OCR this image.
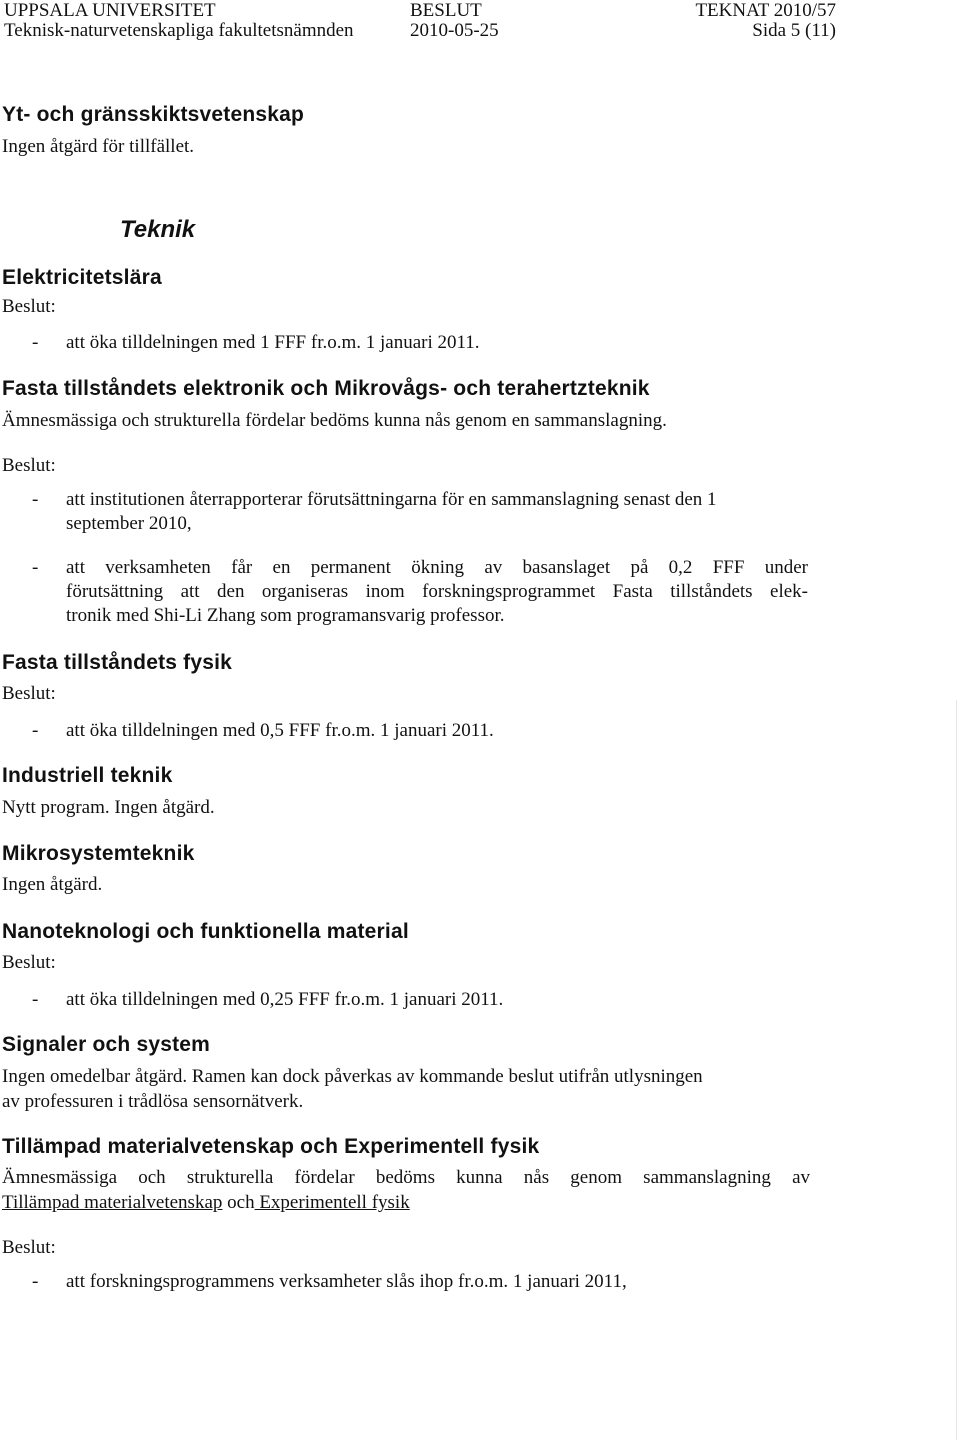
UPPSALA UNIVERSITET
Teknisk-naturvetenskapliga fakultetsnämnden
BESLUT
2010-05-25
TEKNAT 2010/57
Sida 5 (11)
Yt- och gränsskiktsvetenskap
Ingen åtgärd för tillfället.
Teknik
Elektricitetslära
Beslut:
- att öka tilldelningen med 1 FFF fr.o.m. 1 januari 2011.
Fasta tillståndets elektronik och Mikrovågs- och terahertzteknik
Ämnesmässiga och strukturella fördelar bedöms kunna nås genom en sammanslagning.
Beslut:
- att institutionen återrapporterar förutsättningarna för en sammanslagning senast den 1
september 2010,
- att verksamheten får en permanent ökning av basanslaget på 0,2 FFF under
förutsättning att den organiseras inom forskningsprogrammet Fasta tillståndets elek-
tronik med Shi-Li Zhang som programansvarig professor.
Fasta tillståndets fysik
Beslut:
- att öka tilldelningen med 0,5 FFF fr.o.m. 1 januari 2011.
Industriell teknik
Nytt program. Ingen åtgärd.
Mikrosystemteknik
Ingen åtgärd.
Nanoteknologi och funktionella material
Beslut:
- att öka tilldelningen med 0,25 FFF fr.o.m. 1 januari 2011.
Signaler och system
Ingen omedelbar åtgärd. Ramen kan dock påverkas av kommande beslut utifrån utlysningen
av professuren i trådlösa sensornätverk.
Tillämpad materialvetenskap och Experimentell fysik
Ämnesmässiga och strukturella fördelar bedöms kunna nås genom sammanslagning av
Tillämpad materialvetenskap och Experimentell fysik
Beslut:
- att forskningsprogrammens verksamheter slås ihop fr.o.m. 1 januari 2011,
